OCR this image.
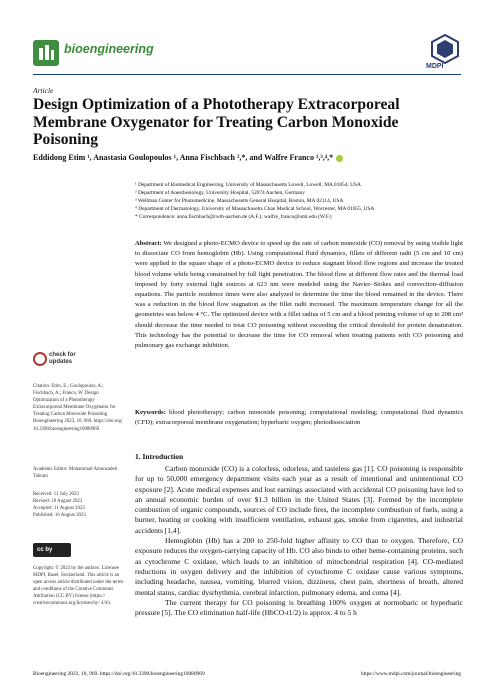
bioengineering
MDPI
Article
Design Optimization of a Phototherapy Extracorporeal Membrane Oxygenator for Treating Carbon Monoxide Poisoning
Eddidong Etim ¹, Anastasia Goulopoulos ¹, Anna Fischbach ²,*, and Walfre Franco ¹,³,⁴,*
¹ Department of Biomedical Engineering, University of Massachusetts Lowell, Lowell, MA 01854, USA
² Department of Anesthesiology, University Hospital, 52074 Aachen, Germany
³ Wellman Center for Photomedicine, Massachusetts General Hospital, Boston, MA 02114, USA
⁴ Department of Dermatology, University of Massachusetts Chan Medical School, Worcester, MA 01655, USA
* Correspondence: anna.fischbach@rwth-aachen.de (A.F.); walfre_franco@uml.edu (W.F.)
Abstract: We designed a photo-ECMO device to speed up the rate of carbon monoxide (CO) removal by using visible light to dissociate CO from hemoglobin (Hb). Using computational fluid dynamics, fillets of different radii (5 cm and 10 cm) were applied to the square shape of a photo-ECMO device to reduce stagnant blood flow regions and increase the treated blood volume while being constrained by full light penetration. The blood flow at different flow rates and the thermal load imposed by forty external light sources at 623 nm were modeled using the Navier–Stokes and convection–diffusion equations. The particle residence times were also analyzed to determine the time the blood remained in the device. There was a reduction in the blood flow stagnation as the fillet radii increased. The maximum temperature change for all the geometries was below 4 °C. The optimized device with a fillet radius of 5 cm and a blood priming volume of up to 208 cm³ should decrease the time needed to treat CO poisoning without exceeding the critical threshold for protein denaturation. This technology has the potential to decrease the time for CO removal when treating patients with CO poisoning and pulmonary gas exchange inhibition.
Keywords: blood phototherapy; carbon monoxide poisoning; computational modeling; computational fluid dynamics (CFD); extracorporeal membrane oxygenation; hyperbaric oxygen; photodissociation
check for updates
Citation: Etim, E.; Goulopoulos, A.; Fischbach, A.; Franco, W. Design Optimization of a Phototherapy Extracorporeal Membrane Oxygenator for Treating Carbon Monoxide Poisoning. Bioengineering 2023, 10, 969. https://doi.org/ 10.3390/bioengineering10080969
Academic Editor: Mohammad Amoozadeh Tahrani
Received: 11 July 2023
Revised: 10 August 2023
Accepted: 11 August 2023
Published: 16 August 2023
cc by
Copyright: © 2023 by the authors. Licensee MDPI, Basel, Switzerland. This article is an open access article distributed under the terms and conditions of the Creative Commons Attribution (CC BY) license (https:// creativecommons.org/licenses/by/ 4.0/).
1. Introduction

Carbon monoxide (CO) is a colorless, odorless, and tasteless gas [1]. CO poisoning is responsible for up to 50,000 emergency department visits each year as a result of intentional and unintentional CO exposure [2]. Acute medical expenses and lost earnings associated with accidental CO poisoning have led to an annual economic burden of over $1.3 billion in the United States [3]. Formed by the incomplete combustion of organic compounds, sources of CO include fires, the incomplete combustion of fuels, using a burner, heating or cooking with insufficient ventilation, exhaust gas, smoke from cigarettes, and industrial accidents [1,4].

Hemoglobin (Hb) has a 200 to 250-fold higher affinity to CO than to oxygen. Therefore, CO exposure reduces the oxygen-carrying capacity of Hb. CO also binds to other heme-containing proteins, such as cytochrome C oxidase, which leads to an inhibition of mitochondrial respiration [4]. CO-mediated reductions in oxygen delivery and the inhibition of cytochrome C oxidase cause various symptoms, including headache, nausea, vomiting, blurred vision, dizziness, chest pain, shortness of breath, altered mental status, cardiac dysrhythmia, cerebral infarction, pulmonary edema, and coma [4].

The current therapy for CO poisoning is breathing 100% oxygen at normobaric or hyperbaric pressure [5]. The CO elimination half-life (HbCO-t1/2) is approx. 4 to 5 h

Bioengineering 2023, 10, 969. https://doi.org/10.3390/bioengineering10080969	https://www.mdpi.com/journal/bioengineering
